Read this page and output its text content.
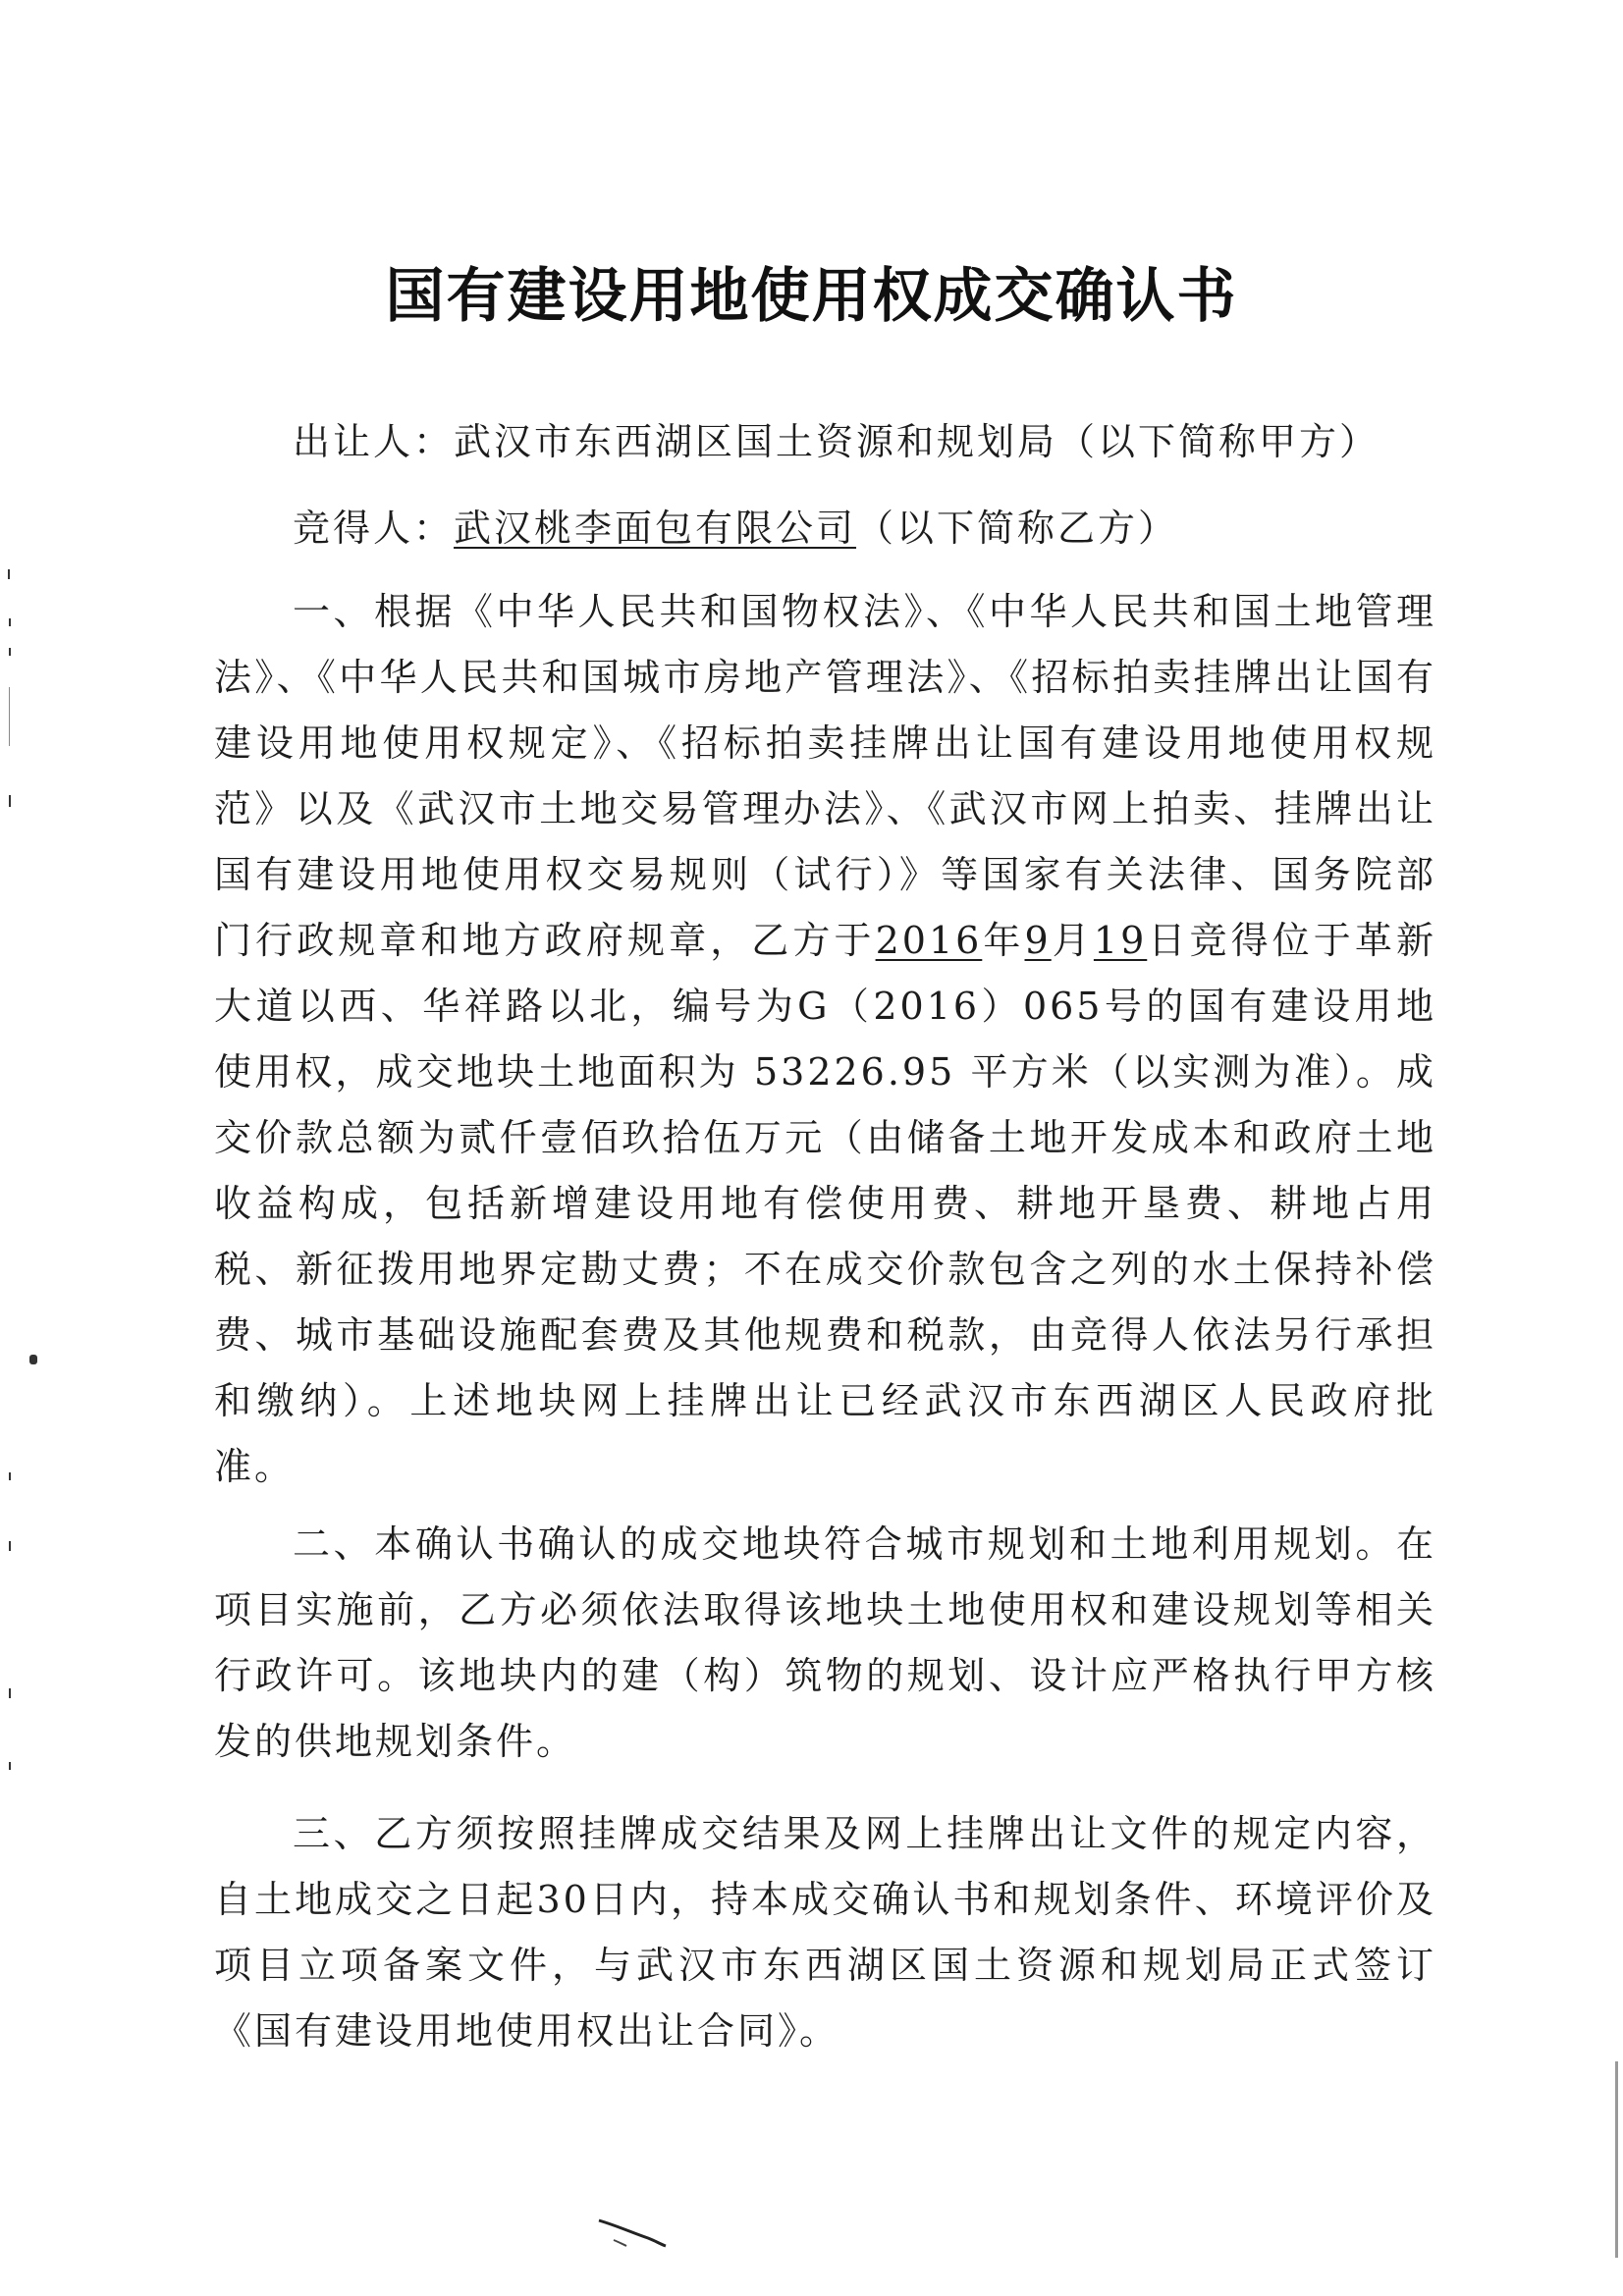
国有建设用地使用权成交确认书
出让人：武汉市东西湖区国土资源和规划局（以下简称甲方）
竞得人：武汉桃李面包有限公司（以下简称乙方）
一、根据《中华人民共和国物权法》、《中华人民共和国土地管理法》、《中华人民共和国城市房地产管理法》、《招标拍卖挂牌出让国有建设用地使用权规定》、《招标拍卖挂牌出让国有建设用地使用权规范》以及《武汉市土地交易管理办法》、《武汉市网上拍卖、挂牌出让国有建设用地使用权交易规则（试行）》等国家有关法律、国务院部门行政规章和地方政府规章，乙方于2016年9月19日竞得位于革新大道以西、华祥路以北，编号为G（2016）065号的国有建设用地使用权，成交地块土地面积为 53226.95 平方米（以实测为准）。成交价款总额为贰仟壹佰玖拾伍万元（由储备土地开发成本和政府土地收益构成，包括新增建设用地有偿使用费、耕地开垦费、耕地占用税、新征拨用地界定勘丈费；不在成交价款包含之列的水土保持补偿费、城市基础设施配套费及其他规费和税款，由竞得人依法另行承担和缴纳）。上述地块网上挂牌出让已经武汉市东西湖区人民政府批准。
二、本确认书确认的成交地块符合城市规划和土地利用规划。在项目实施前，乙方必须依法取得该地块土地使用权和建设规划等相关行政许可。该地块内的建（构）筑物的规划、设计应严格执行甲方核发的供地规划条件。
三、乙方须按照挂牌成交结果及网上挂牌出让文件的规定内容，自土地成交之日起30日内，持本成交确认书和规划条件、环境评价及项目立项备案文件，与武汉市东西湖区国土资源和规划局正式签订《国有建设用地使用权出让合同》。
